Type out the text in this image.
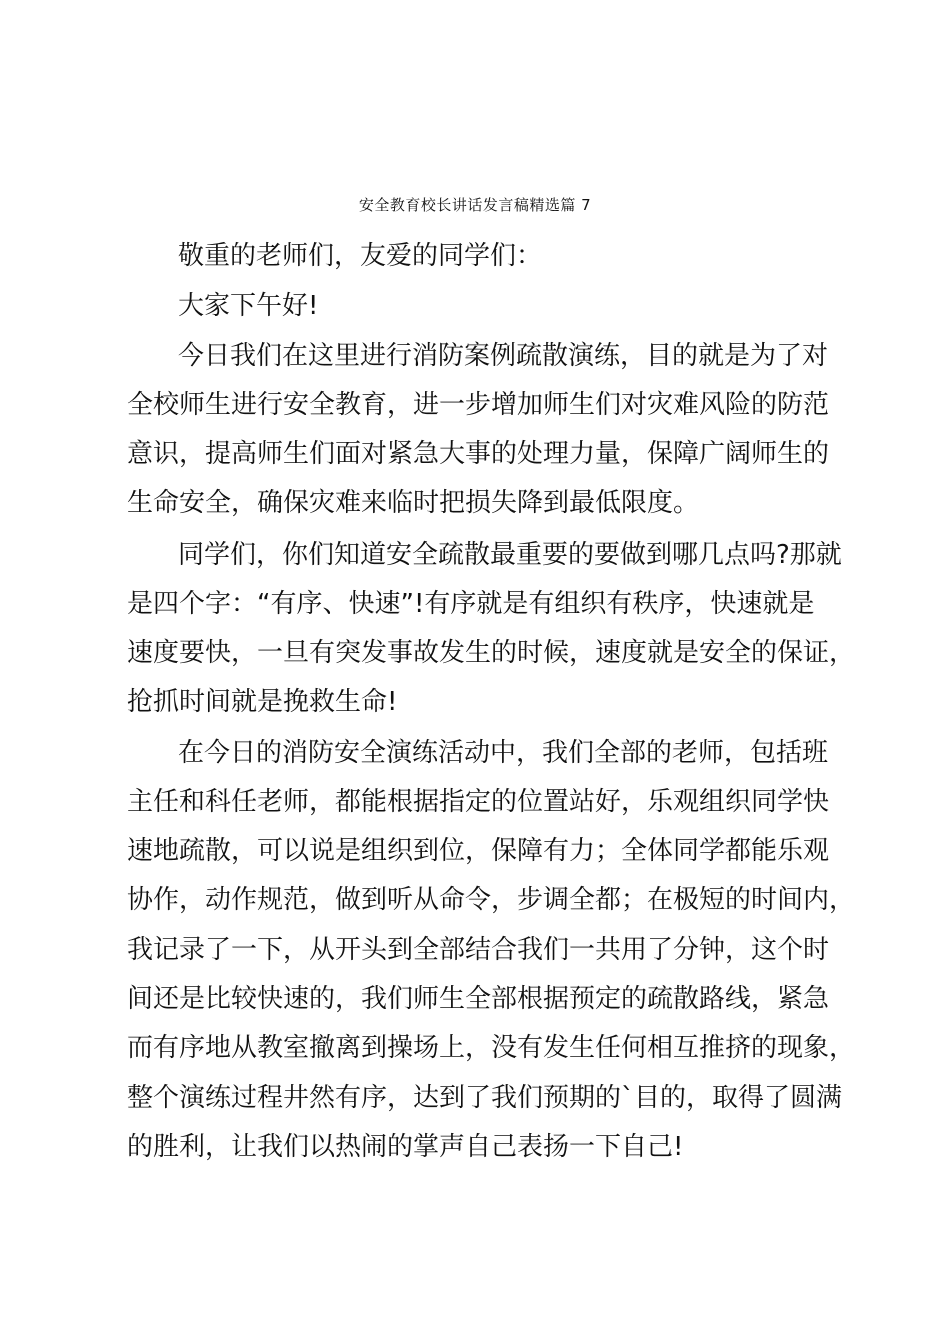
安全教育校长讲话发言稿精选篇 7
敬重的老师们，友爱的同学们：
大家下午好!
今日我们在这里进行消防案例疏散演练，目的就是为了对
全校师生进行安全教育，进一步增加师生们对灾难风险的防范
意识，提高师生们面对紧急大事的处理力量，保障广阔师生的
生命安全，确保灾难来临时把损失降到最低限度。
同学们，你们知道安全疏散最重要的要做到哪几点吗?那就
是四个字：“有序、快速”!有序就是有组织有秩序，快速就是
速度要快，一旦有突发事故发生的时候，速度就是安全的保证，
抢抓时间就是挽救生命!
在今日的消防安全演练活动中，我们全部的老师，包括班
主任和科任老师，都能根据指定的位置站好，乐观组织同学快
速地疏散，可以说是组织到位，保障有力；全体同学都能乐观
协作，动作规范，做到听从命令，步调全都；在极短的时间内，
我记录了一下，从开头到全部结合我们一共用了分钟，这个时
间还是比较快速的，我们师生全部根据预定的疏散路线，紧急
而有序地从教室撤离到操场上，没有发生任何相互推挤的现象，
整个演练过程井然有序，达到了我们预期的`目的，取得了圆满
的胜利，让我们以热闹的掌声自己表扬一下自己!
